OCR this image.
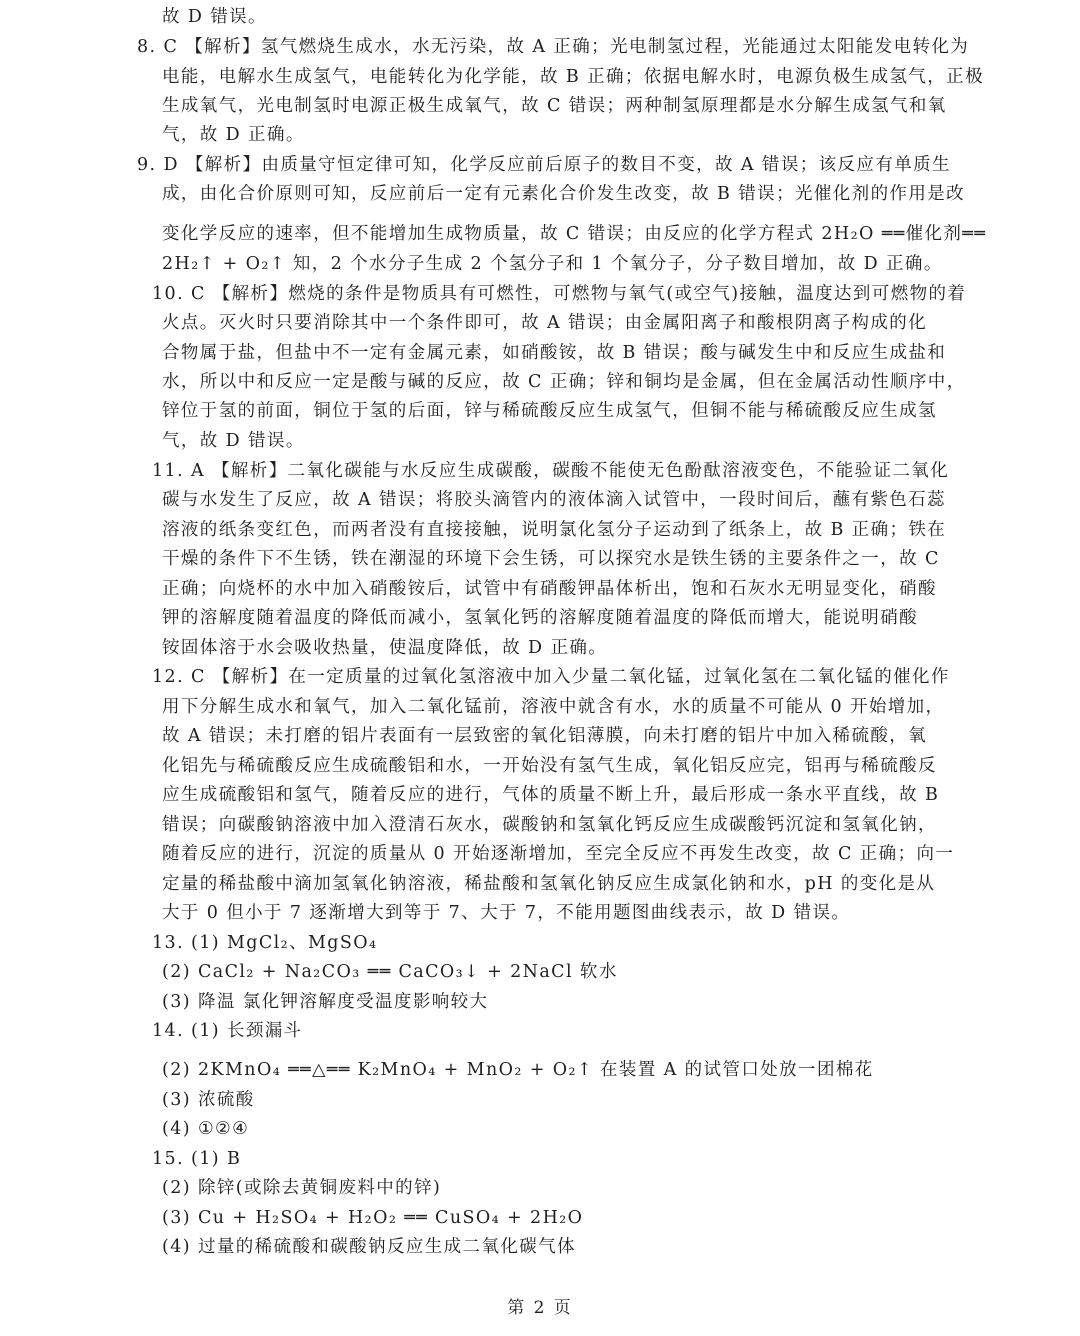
故 D 错误。
8. C 【解析】氢气燃烧生成水，水无污染，故 A 正确；光电制氢过程，光能通过太阳能发电转化为
电能，电解水生成氢气，电能转化为化学能，故 B 正确；依据电解水时，电源负极生成氢气，正极
生成氧气，光电制氢时电源正极生成氧气，故 C 错误；两种制氢原理都是水分解生成氢气和氧
气，故 D 正确。
9. D 【解析】由质量守恒定律可知，化学反应前后原子的数目不变，故 A 错误；该反应有单质生
成，由化合价原则可知，反应前后一定有元素化合价发生改变，故 B 错误；光催化剂的作用是改
变化学反应的速率，但不能增加生成物质量，故 C 错误；由反应的化学方程式 2H₂O ══催化剂══
2H₂↑ + O₂↑ 知，2 个水分子生成 2 个氢分子和 1 个氧分子，分子数目增加，故 D 正确。
10. C 【解析】燃烧的条件是物质具有可燃性，可燃物与氧气(或空气)接触，温度达到可燃物的着
火点。灭火时只要消除其中一个条件即可，故 A 错误；由金属阳离子和酸根阴离子构成的化
合物属于盐，但盐中不一定有金属元素，如硝酸铵，故 B 错误；酸与碱发生中和反应生成盐和
水，所以中和反应一定是酸与碱的反应，故 C 正确；锌和铜均是金属，但在金属活动性顺序中，
锌位于氢的前面，铜位于氢的后面，锌与稀硫酸反应生成氢气，但铜不能与稀硫酸反应生成氢
气，故 D 错误。
11. A 【解析】二氧化碳能与水反应生成碳酸，碳酸不能使无色酚酞溶液变色，不能验证二氧化
碳与水发生了反应，故 A 错误；将胶头滴管内的液体滴入试管中，一段时间后，蘸有紫色石蕊
溶液的纸条变红色，而两者没有直接接触，说明氯化氢分子运动到了纸条上，故 B 正确；铁在
干燥的条件下不生锈，铁在潮湿的环境下会生锈，可以探究水是铁生锈的主要条件之一，故 C
正确；向烧杯的水中加入硝酸铵后，试管中有硝酸钾晶体析出，饱和石灰水无明显变化，硝酸
钾的溶解度随着温度的降低而减小，氢氧化钙的溶解度随着温度的降低而增大，能说明硝酸
铵固体溶于水会吸收热量，使温度降低，故 D 正确。
12. C 【解析】在一定质量的过氧化氢溶液中加入少量二氧化锰，过氧化氢在二氧化锰的催化作
用下分解生成水和氧气，加入二氧化锰前，溶液中就含有水，水的质量不可能从 0 开始增加，
故 A 错误；未打磨的铝片表面有一层致密的氧化铝薄膜，向未打磨的铝片中加入稀硫酸，氧
化铝先与稀硫酸反应生成硫酸铝和水，一开始没有氢气生成，氧化铝反应完，铝再与稀硫酸反
应生成硫酸铝和氢气，随着反应的进行，气体的质量不断上升，最后形成一条水平直线，故 B
错误；向碳酸钠溶液中加入澄清石灰水，碳酸钠和氢氧化钙反应生成碳酸钙沉淀和氢氧化钠，
随着反应的进行，沉淀的质量从 0 开始逐渐增加，至完全反应不再发生改变，故 C 正确；向一
定量的稀盐酸中滴加氢氧化钠溶液，稀盐酸和氢氧化钠反应生成氯化钠和水，pH 的变化是从
大于 0 但小于 7 逐渐增大到等于 7、大于 7，不能用题图曲线表示，故 D 错误。
13. (1) MgCl₂、MgSO₄
(2) CaCl₂ + Na₂CO₃ ══ CaCO₃↓ + 2NaCl 软水
(3) 降温 氯化钾溶解度受温度影响较大
14. (1) 长颈漏斗
(2) 2KMnO₄ ══△══ K₂MnO₄ + MnO₂ + O₂↑ 在装置 A 的试管口处放一团棉花
(3) 浓硫酸
(4) ①②④
15. (1) B
(2) 除锌(或除去黄铜废料中的锌)
(3) Cu + H₂SO₄ + H₂O₂ ══ CuSO₄ + 2H₂O
(4) 过量的稀硫酸和碳酸钠反应生成二氧化碳气体
第 2 页
